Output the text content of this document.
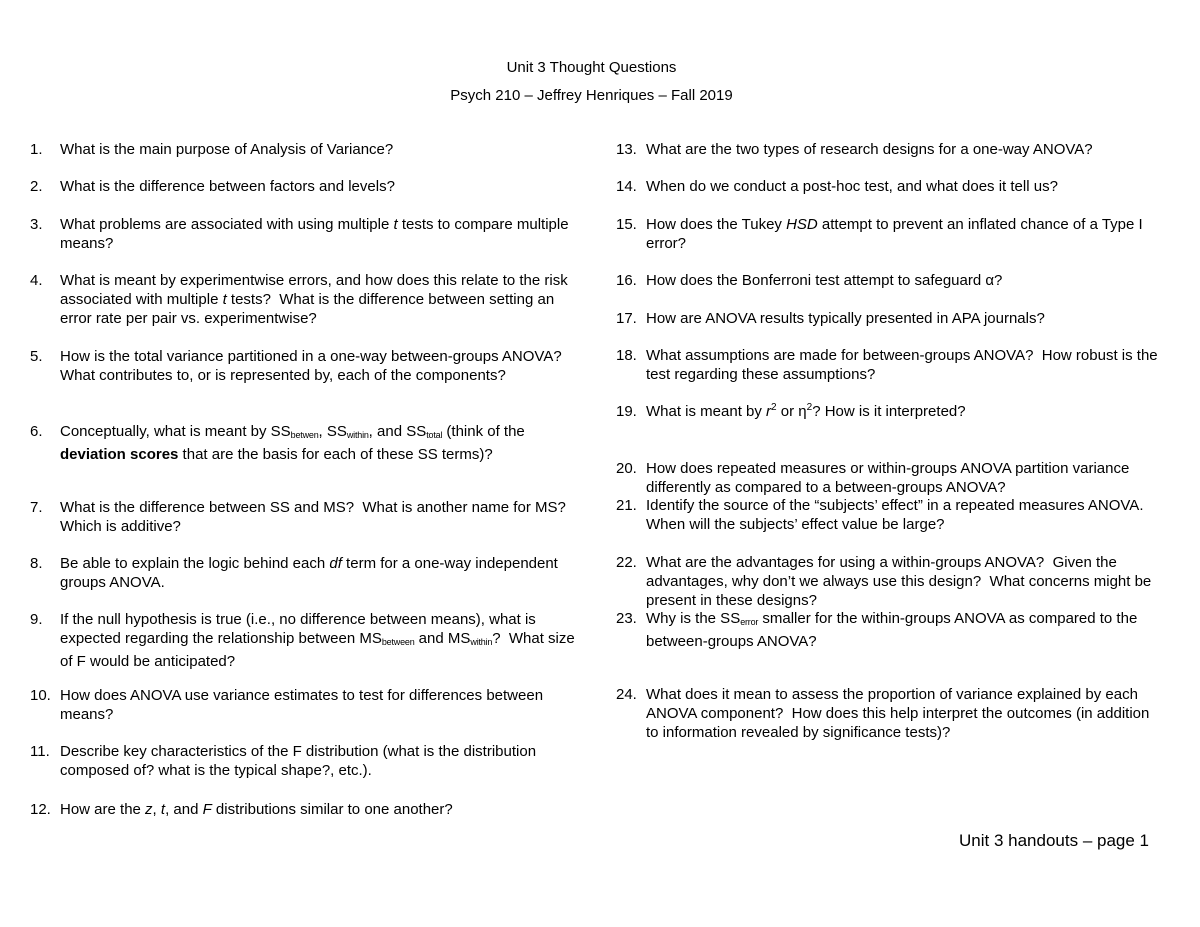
Unit 3 Thought Questions
Psych 210 – Jeffrey Henriques – Fall 2019
1.	What is the main purpose of Analysis of Variance?
2.	What is the difference between factors and levels?
3.	What problems are associated with using multiple t tests to compare multiple means?
4.	What is meant by experimentwise errors, and how does this relate to the risk associated with multiple t tests?  What is the difference between setting an error rate per pair vs. experimentwise?
5.	How is the total variance partitioned in a one-way between-groups ANOVA?  What contributes to, or is represented by, each of the components?
6.	Conceptually, what is meant by $SS_{betwen}$, $SS_{within}$, and $SS_{total}$ (think of the deviation scores that are the basis for each of these SS terms)?
7.	What is the difference between SS and MS?  What is another name for MS?  Which is additive?
8.	Be able to explain the logic behind each df term for a one-way independent groups ANOVA.
9.	If the null hypothesis is true (i.e., no difference between means), what is expected regarding the relationship between $MS_{between}$ and $MS_{within}$?  What size of F would be anticipated?
10. How does ANOVA use variance estimates to test for differences between means?
11. Describe key characteristics of the F distribution (what is the distribution composed of? what is the typical shape?, etc.).
12. How are the z, t, and F distributions similar to one another?
13. What are the two types of research designs for a one-way ANOVA?
14. When do we conduct a post-hoc test, and what does it tell us?
15. How does the Tukey HSD attempt to prevent an inflated chance of a Type I error?
16. How does the Bonferroni test attempt to safeguard α?
17. How are ANOVA results typically presented in APA journals?
18. What assumptions are made for between-groups ANOVA?  How robust is the test regarding these assumptions?
19. What is meant by $r^2$ or $\eta^2$? How is it interpreted?
20. How does repeated measures or within-groups ANOVA partition variance differently as compared to a between-groups ANOVA?
21. Identify the source of the “subjects’ effect” in a repeated measures ANOVA.  When will the subjects’ effect value be large?
22. What are the advantages for using a within-groups ANOVA?  Given the advantages, why don’t we always use this design?  What concerns might be present in these designs?
23. Why is the $SS_{error}$ smaller for the within-groups ANOVA as compared to the between-groups ANOVA?
24. What does it mean to assess the proportion of variance explained by each ANOVA component?  How does this help interpret the outcomes (in addition to information revealed by significance tests)?
Unit 3 handouts – page 1
